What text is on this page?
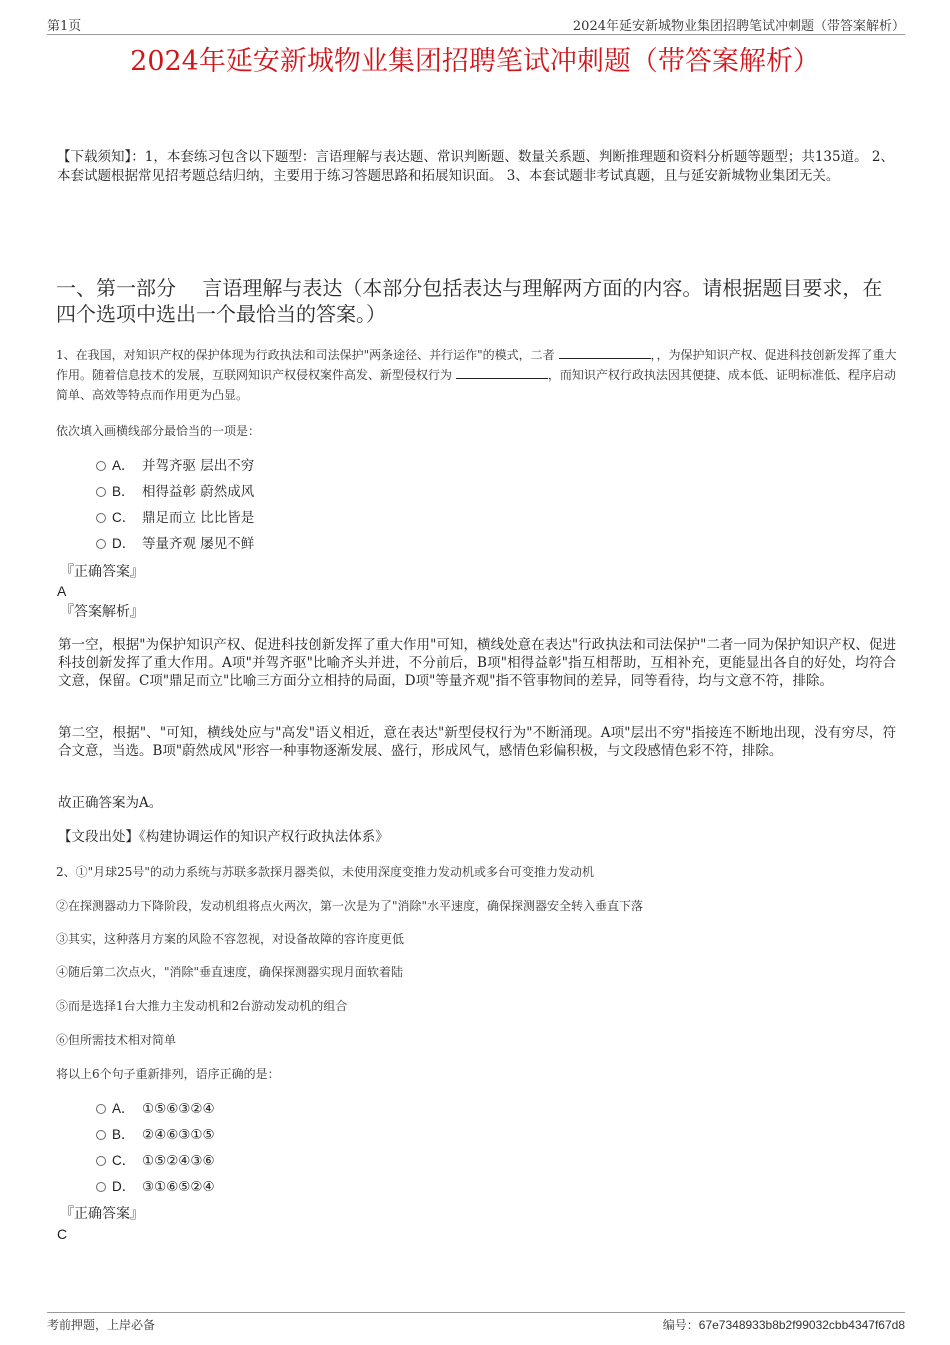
第1页	2024年延安新城物业集团招聘笔试冲刺题（带答案解析）
2024年延安新城物业集团招聘笔试冲刺题（带答案解析）
【下载须知】：1，本套练习包含以下题型：言语理解与表达题、常识判断题、数量关系题、判断推理题和资料分析题等题型；共135道。 2、本套试题根据常见招考题总结归纳，主要用于练习答题思路和拓展知识面。 3、本套试题非考试真题，且与延安新城物业集团无关。
一、第一部分　 言语理解与表达（本部分包括表达与理解两方面的内容。请根据题目要求，在四个选项中选出一个最恰当的答案。）
1、在我国，对知识产权的保护体现为行政执法和司法保护"两条途径、并行运作"的模式，二者	，，为保护知识产权、促进科技创新发挥了重大作用。随着信息技术的发展，互联网知识产权侵权案件高发、新型侵权行为	，而知识产权行政执法因其便捷、成本低、证明标准低、程序启动简单、高效等特点而作用更为凸显。
依次填入画横线部分最恰当的一项是：
A． 并驾齐驱 层出不穷
B． 相得益彰 蔚然成风
C． 鼎足而立 比比皆是
D． 等量齐观 屡见不鲜
『正确答案』
A
『答案解析』
第一空，根据"为保护知识产权、促进科技创新发挥了重大作用"可知，横线处意在表达"行政执法和司法保护"二者一同为保护知识产权、促进科技创新发挥了重大作用。A项"并驾齐驱"比喻齐头并进，不分前后，B项"相得益彰"指互相帮助，互相补充，更能显出各自的好处，均符合文意，保留。C项"鼎足而立"比喻三方面分立相持的局面，D项"等量齐观"指不管事物间的差异，同等看待，均与文意不符，排除。
第二空，根据"、"可知，横线处应与"高发"语义相近，意在表达"新型侵权行为"不断涌现。A项"层出不穷"指接连不断地出现，没有穷尽，符合文意，当选。B项"蔚然成风"形容一种事物逐渐发展、盛行，形成风气，感情色彩偏积极，与文段感情色彩不符，排除。
故正确答案为A。
【文段出处】《构建协调运作的知识产权行政执法体系》
2、①"月球25号"的动力系统与苏联多款探月器类似，未使用深度变推力发动机或多台可变推力发动机
②在探测器动力下降阶段，发动机组将点火两次，第一次是为了"消除"水平速度，确保探测器安全转入垂直下落
③其实，这种落月方案的风险不容忽视，对设备故障的容许度更低
④随后第二次点火，"消除"垂直速度，确保探测器实现月面软着陆
⑤而是选择1台大推力主发动机和2台游动发动机的组合
⑥但所需技术相对简单
将以上6个句子重新排列，语序正确的是：
A． ①⑤⑥③②④
B． ②④⑥③①⑤
C． ①⑤②④③⑥
D． ③①⑥⑤②④
『正确答案』
C
考前押题，上岸必备	编号：67e7348933b8b2f99032cbb4347f67d8
